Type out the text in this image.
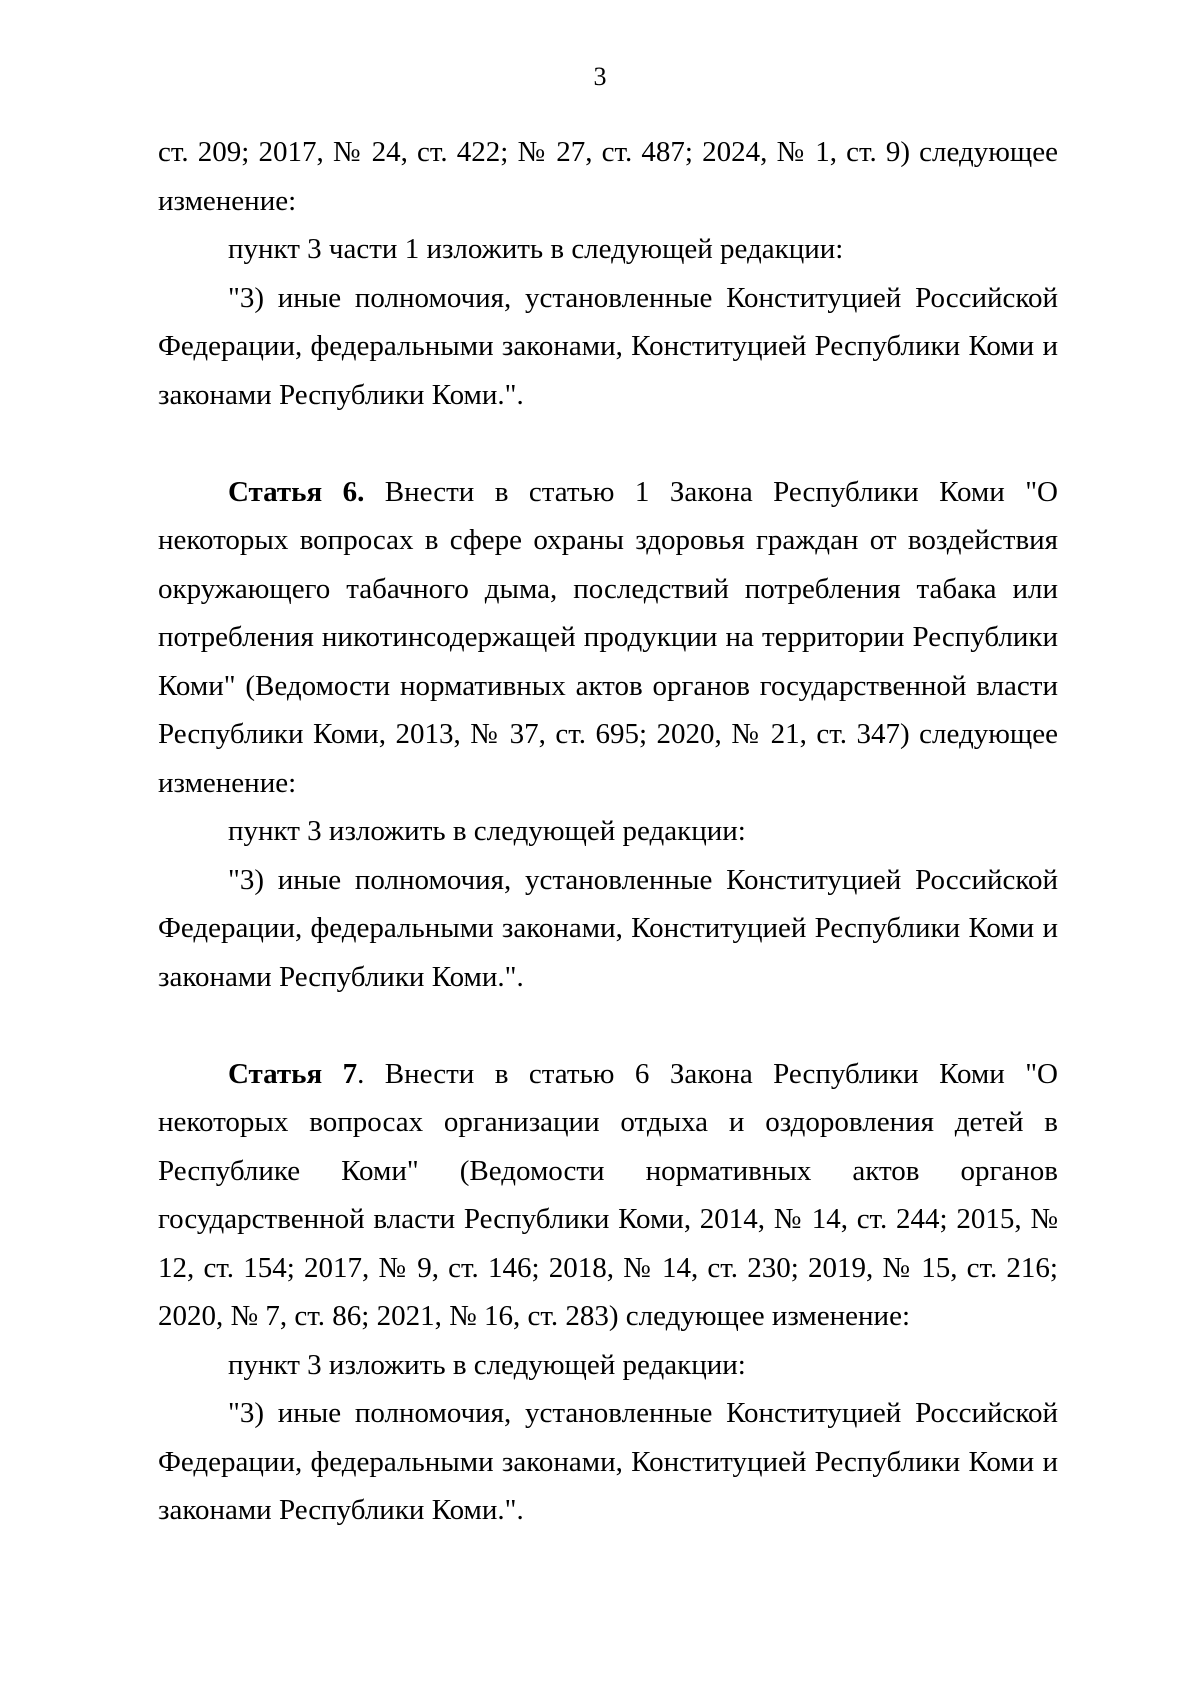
3

ст. 209; 2017, № 24, ст. 422; № 27, ст. 487; 2024, № 1, ст. 9) следующее изменение:

пункт 3 части 1 изложить в следующей редакции:

"3) иные полномочия, установленные Конституцией Российской Федерации, федеральными законами, Конституцией Республики Коми и законами Республики Коми.".

Статья 6. Внести в статью 1 Закона Республики Коми "О некоторых вопросах в сфере охраны здоровья граждан от воздействия окружающего табачного дыма, последствий потребления табака или потребления никотинсодержащей продукции на территории Республики Коми" (Ведомости нормативных актов органов государственной власти Республики Коми, 2013, № 37, ст. 695; 2020, № 21, ст. 347) следующее изменение:

пункт 3 изложить в следующей редакции:

"3) иные полномочия, установленные Конституцией Российской Федерации, федеральными законами, Конституцией Республики Коми и законами Республики Коми.".

Статья 7. Внести в статью 6 Закона Республики Коми "О некоторых вопросах организации отдыха и оздоровления детей в Республике Коми" (Ведомости нормативных актов органов государственной власти Республики Коми, 2014, № 14, ст. 244; 2015, № 12, ст. 154; 2017, № 9, ст. 146; 2018, № 14, ст. 230; 2019, № 15, ст. 216; 2020, № 7, ст. 86; 2021, № 16, ст. 283) следующее изменение:

пункт 3 изложить в следующей редакции:

"3) иные полномочия, установленные Конституцией Российской Федерации, федеральными законами, Конституцией Республики Коми и законами Республики Коми.".
